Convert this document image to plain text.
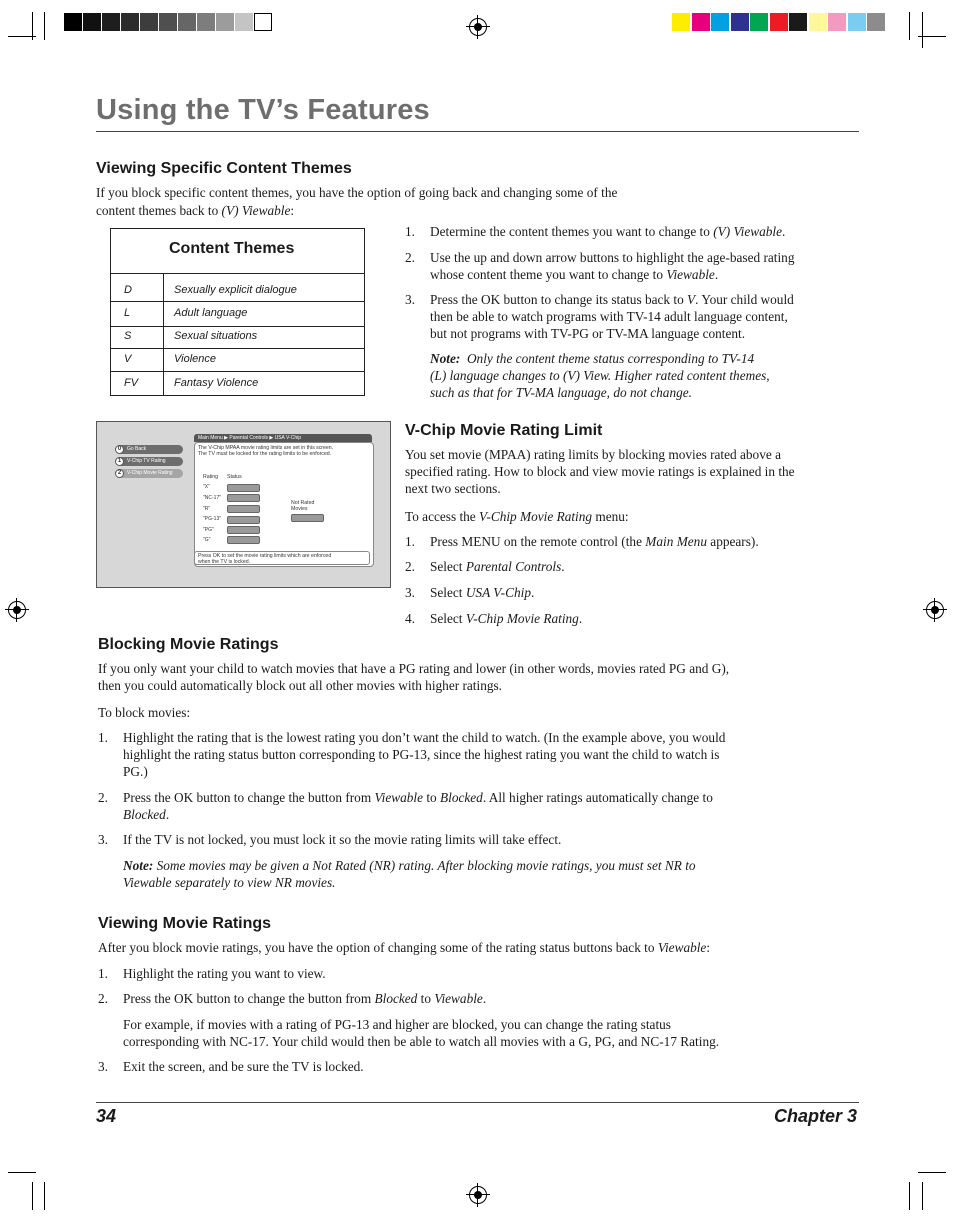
Using the TV’s Features
Viewing Specific Content Themes

If you block specific content themes, you have the option of going back and changing some of the

content themes back to (V) Viewable:

Content Themes
D	Sexually explicit dialogue
L	Adult language
S	Sexual situations
V	Violence
FV	Fantasy Violence
1. Determine the content themes you want to change to (V) Viewable.
2. Use the up and down arrow buttons to highlight the age-based rating
whose content theme you want to change to Viewable.
3. Press the OK button to change its status back to V. Your child would
then be able to watch programs with TV-14 adult language content,
but not programs with TV-PG or TV-MA language content.
Note: Only the content theme status corresponding to TV-14
(L) language changes to (V) View. Higher rated content themes,
such as that for TV-MA language, do not change.
Main Menu ▶ Parental Controls ▶ USA V-Chip
0	Go Back
1	V-Chip TV Rating
2	V-Chip Movie Rating
The V-Chip MPAA movie rating limits are set in this screen.
The TV must be locked for the rating limits to be enforced.
Rating Status
"X"
"NC-17"
"R"
"PG-13"
"PG"
"G"
Not Rated
Movies
Press OK to set the movie rating limits which are enforced
when the TV is locked.
V-Chip Movie Rating Limit
You set movie (MPAA) rating limits by blocking movies rated above a
specified rating. How to block and view movie ratings is explained in the
next two sections.

To access the V-Chip Movie Rating menu:

1. Press MENU on the remote control (the Main Menu appears).
2. Select Parental Controls.
3. Select USA V-Chip.
4. Select V-Chip Movie Rating.
Blocking Movie Ratings
If you only want your child to watch movies that have a PG rating and lower (in other words, movies rated PG and G),
then you could automatically block out all other movies with higher ratings.

To block movies:

1. Highlight the rating that is the lowest rating you don’t want the child to watch. (In the example above, you would
highlight the rating status button corresponding to PG-13, since the highest rating you want the child to watch is
PG.)
2. Press the OK button to change the button from Viewable to Blocked. All higher ratings automatically change to
Blocked.
3. If the TV is not locked, you must lock it so the movie rating limits will take effect.
Note: Some movies may be given a Not Rated (NR) rating. After blocking movie ratings, you must set NR to
Viewable separately to view NR movies.
Viewing Movie Ratings

After you block movie ratings, you have the option of changing some of the rating status buttons back to Viewable:

1. Highlight the rating you want to view.
2. Press the OK button to change the button from Blocked to Viewable.
For example, if movies with a rating of PG-13 and higher are blocked, you can change the rating status
corresponding with NC-17. Your child would then be able to watch all movies with a G, PG, and NC-17 Rating.
3. Exit the screen, and be sure the TV is locked.
34	Chapter 3
